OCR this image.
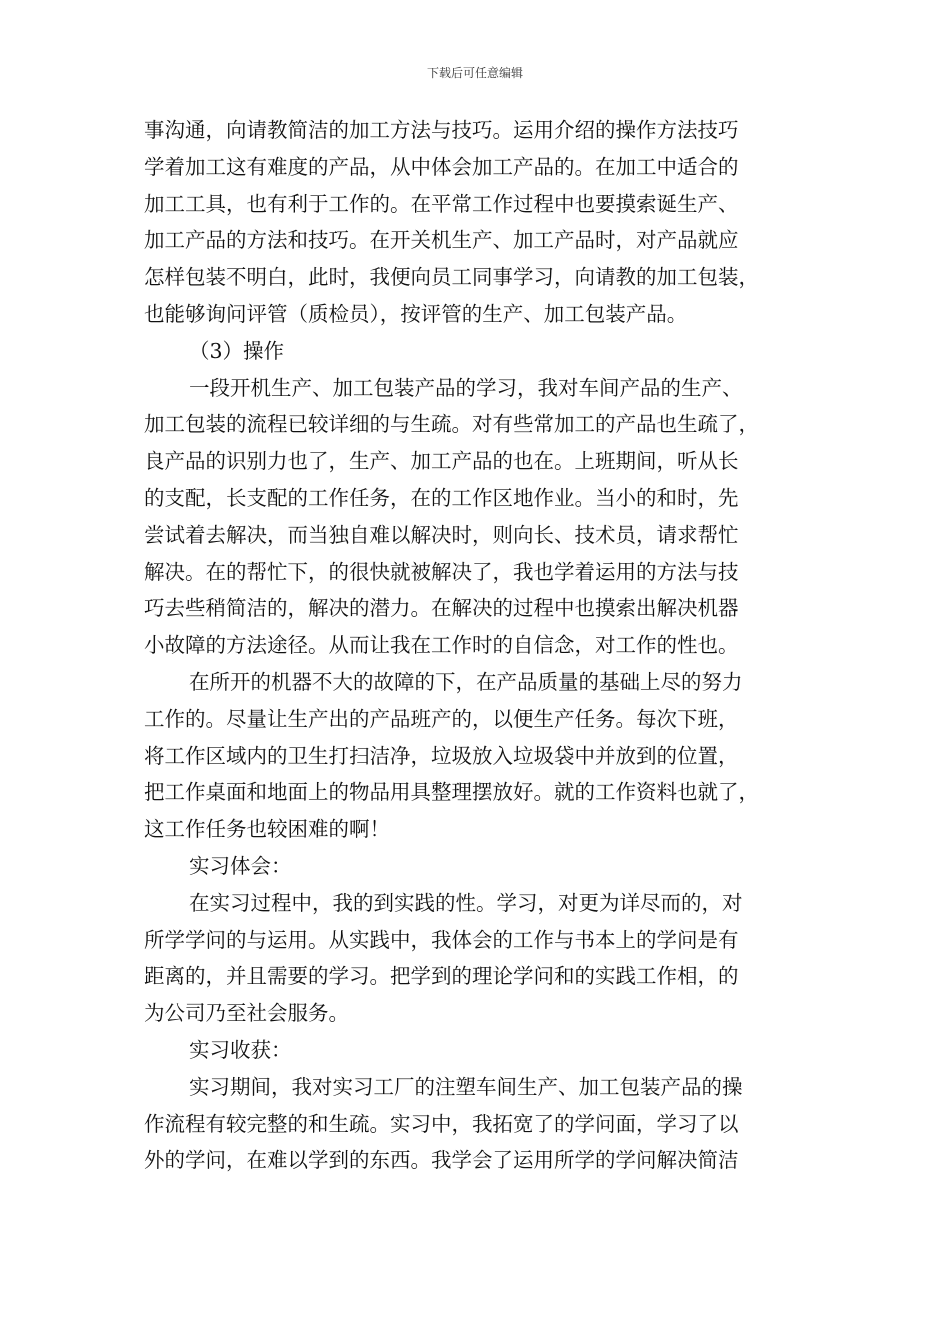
下载后可任意编辑
事沟通，向请教简洁的加工方法与技巧。运用介绍的操作方法技巧
学着加工这有难度的产品，从中体会加工产品的。在加工中适合的
加工工具，也有利于工作的。在平常工作过程中也要摸索诞生产、
加工产品的方法和技巧。在开关机生产、加工产品时，对产品就应
怎样包装不明白，此时，我便向员工同事学习，向请教的加工包装，
也能够询问评管（质检员），按评管的生产、加工包装产品。
（3）操作
一段开机生产、加工包装产品的学习，我对车间产品的生产、
加工包装的流程已较详细的与生疏。对有些常加工的产品也生疏了，
良产品的识别力也了，生产、加工产品的也在。上班期间，听从长
的支配，长支配的工作任务，在的工作区地作业。当小的和时，先
尝试着去解决，而当独自难以解决时，则向长、技术员，请求帮忙
解决。在的帮忙下，的很快就被解决了，我也学着运用的方法与技
巧去些稍简洁的，解决的潜力。在解决的过程中也摸索出解决机器
小故障的方法途径。从而让我在工作时的自信念，对工作的性也。
在所开的机器不大的故障的下，在产品质量的基础上尽的努力
工作的。尽量让生产出的产品班产的，以便生产任务。每次下班，
将工作区域内的卫生打扫洁净，垃圾放入垃圾袋中并放到的位置，
把工作桌面和地面上的物品用具整理摆放好。就的工作资料也就了，
这工作任务也较困难的啊！
实习体会：
在实习过程中，我的到实践的性。学习，对更为详尽而的，对
所学学问的与运用。从实践中，我体会的工作与书本上的学问是有
距离的，并且需要的学习。把学到的理论学问和的实践工作相，的
为公司乃至社会服务。
实习收获：
实习期间，我对实习工厂的注塑车间生产、加工包装产品的操
作流程有较完整的和生疏。实习中，我拓宽了的学问面，学习了以
外的学问，在难以学到的东西。我学会了运用所学的学问解决简洁
